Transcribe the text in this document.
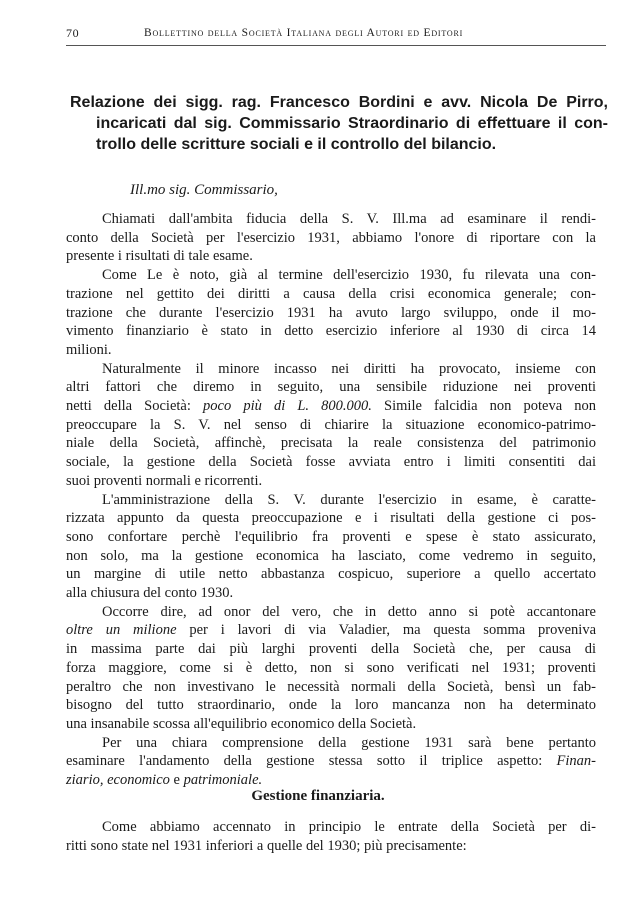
70	Bollettino della Società Italiana degli Autori ed Editori
Relazione dei sigg. rag. Francesco Bordini e avv. Nicola De Pirro,
incaricati dal sig. Commissario Straordinario di effettuare il con-
trollo delle scritture sociali e il controllo del bilancio.
Ill.mo sig. Commissario,
Chiamati dall'ambita fiducia della S. V. Ill.ma ad esaminare il rendi-
conto della Società per l'esercizio 1931, abbiamo l'onore di riportare con la
presente i risultati di tale esame.
Come Le è noto, già al termine dell'esercizio 1930, fu rilevata una con-
trazione nel gettito dei diritti a causa della crisi economica generale; con-
trazione che durante l'esercizio 1931 ha avuto largo sviluppo, onde il mo-
vimento finanziario è stato in detto esercizio inferiore al 1930 di circa 14
milioni.
Naturalmente il minore incasso nei diritti ha provocato, insieme con
altri fattori che diremo in seguito, una sensibile riduzione nei proventi
netti della Società: poco più di L. 800.000. Simile falcidia non poteva non
preoccupare la S. V. nel senso di chiarire la situazione economico-patrimo-
niale della Società, affinchè, precisata la reale consistenza del patrimonio
sociale, la gestione della Società fosse avviata entro i limiti consentiti dai
suoi proventi normali e ricorrenti.
L'amministrazione della S. V. durante l'esercizio in esame, è caratte-
rizzata appunto da questa preoccupazione e i risultati della gestione ci pos-
sono confortare perchè l'equilibrio fra proventi e spese è stato assicurato,
non solo, ma la gestione economica ha lasciato, come vedremo in seguito,
un margine di utile netto abbastanza cospicuo, superiore a quello accertato
alla chiusura del conto 1930.
Occorre dire, ad onor del vero, che in detto anno si potè accantonare
oltre un milione per i lavori di via Valadier, ma questa somma proveniva
in massima parte dai più larghi proventi della Società che, per causa di
forza maggiore, come si è detto, non si sono verificati nel 1931; proventi
peraltro che non investivano le necessità normali della Società, bensì un fab-
bisogno del tutto straordinario, onde la loro mancanza non ha determinato
una insanabile scossa all'equilibrio economico della Società.
Per una chiara comprensione della gestione 1931 sarà bene pertanto
esaminare l'andamento della gestione stessa sotto il triplice aspetto: Finan-
ziario, economico e patrimoniale.
Gestione finanziaria.
Come abbiamo accennato in principio le entrate della Società per di-
ritti sono state nel 1931 inferiori a quelle del 1930; più precisamente:
